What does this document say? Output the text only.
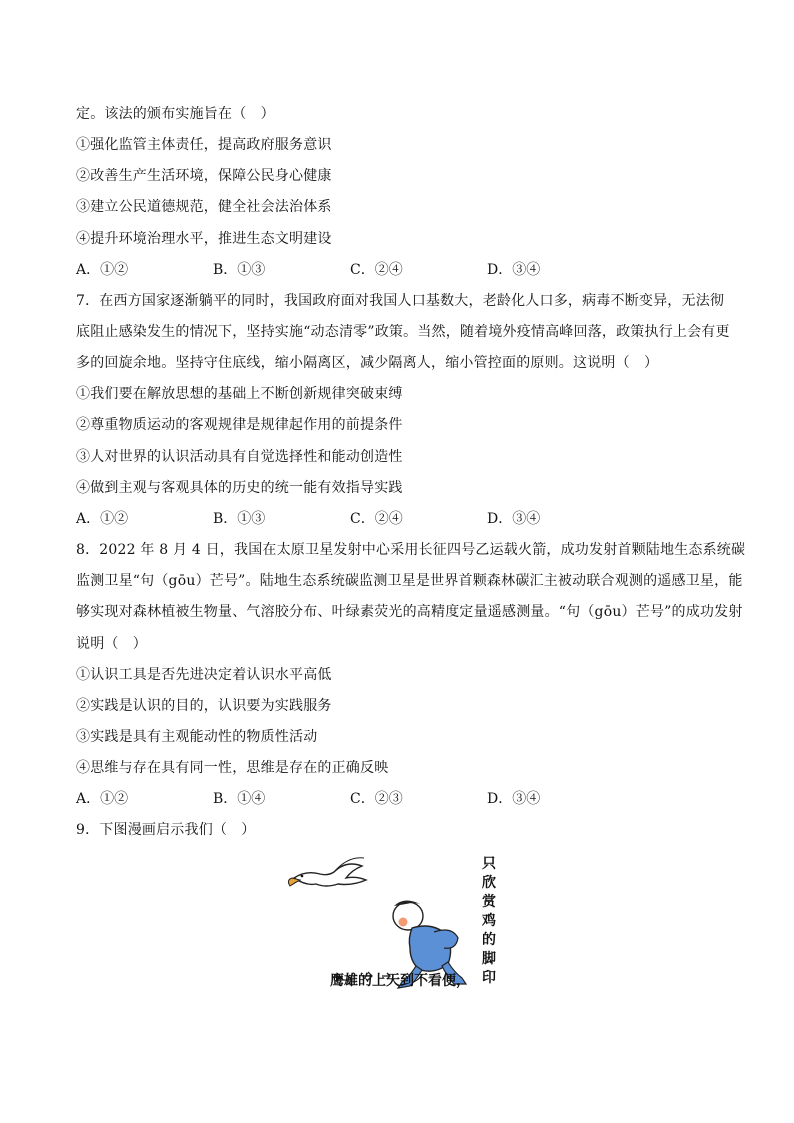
定。该法的颁布实施旨在（　）
①强化监管主体责任，提高政府服务意识
②改善生产生活环境，保障公民身心健康
③建立公民道德规范，健全社会法治体系
④提升环境治理水平，推进生态文明建设
A．①②	B．①③	C．②④	D．③④
7．在西方国家逐渐躺平的同时，我国政府面对我国人口基数大，老龄化人口多，病毒不断变异，无法彻
底阻止感染发生的情况下，坚持实施“动态清零”政策。当然，随着境外疫情高峰回落，政策执行上会有更
多的回旋余地。坚持守住底线，缩小隔离区，减少隔离人，缩小管控面的原则。这说明（　）
①我们要在解放思想的基础上不断创新规律突破束缚
②尊重物质运动的客观规律是规律起作用的前提条件
③人对世界的认识活动具有自觉选择性和能动创造性
④做到主观与客观具体的历史的统一能有效指导实践
A．①②	B．①③	C．②④	D．③④
8．2022 年 8 月 4 日，我国在太原卫星发射中心采用长征四号乙运载火箭，成功发射首颗陆地生态系统碳
监测卫星“句（gōu）芒号”。陆地生态系统碳监测卫星是世界首颗森林碳汇主被动联合观测的遥感卫星，能
够实现对森林植被生物量、气溶胶分布、叶绿素荧光的高精度定量遥感测量。“句（gōu）芒号”的成功发射
说明（　）
①认识工具是否先进决定着认识水平高低
②实践是认识的目的，认识要为实践服务
③实践是具有主观能动性的物质性活动
④思维与存在具有同一性，思维是存在的正确反映
A．①②	B．①④	C．②③	D．③④
9．下图漫画启示我们（　）
只
欣
赏
鸡
的
脚
印
鹰雄的上天到不看便，
